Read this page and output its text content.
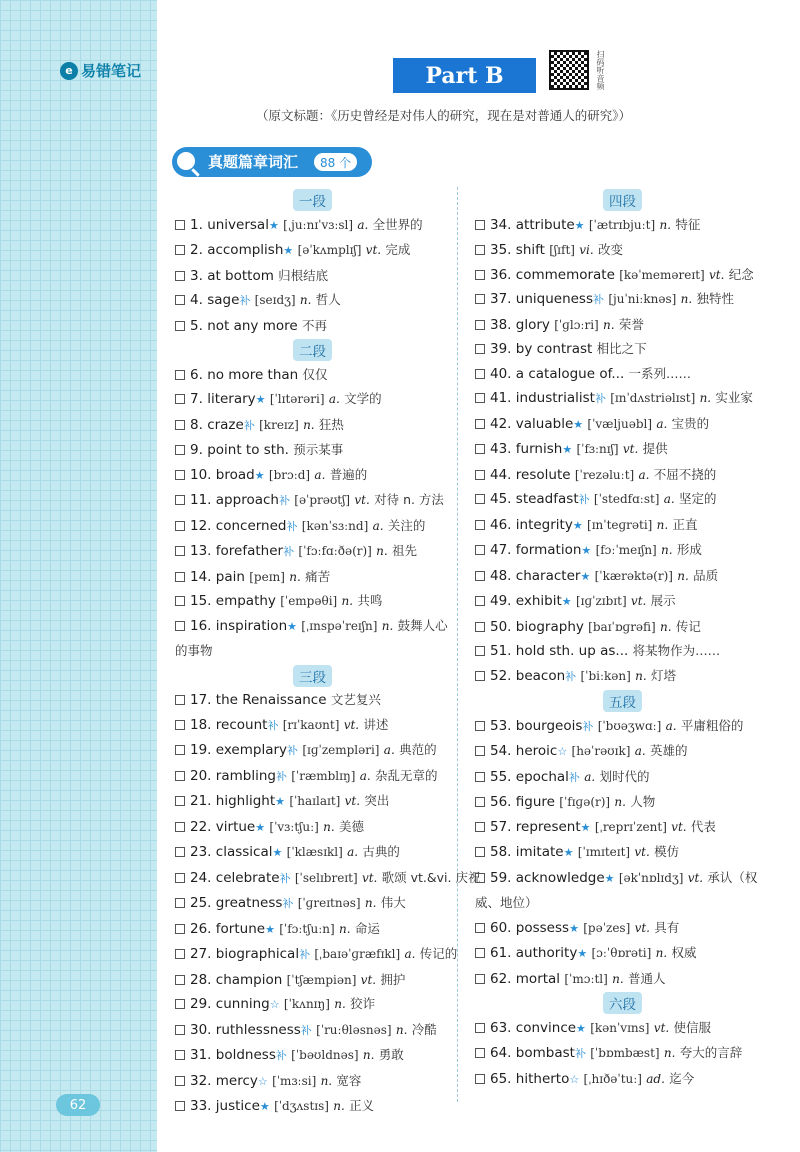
e 易错笔记
62
Part B	扫码听音频
（原文标题：《历史曾经是对伟人的研究，现在是对普通人的研究》）
真题篇章词汇	88 个
一段
1. universal★ [ˌjuːnɪˈvɜːsl] a. 全世界的
2. accomplish★ [əˈkʌmplɪʃ] vt. 完成
3. at bottom 归根结底
4. sage补 [seɪdʒ] n. 哲人
5. not any more 不再
二段
6. no more than 仅仅
7. literary★ [ˈlɪtərəri] a. 文学的
8. craze补 [kreɪz] n. 狂热
9. point to sth. 预示某事
10. broad★ [brɔːd] a. 普遍的
11. approach补 [əˈprəʊtʃ] vt. 对待 n. 方法
12. concerned补 [kənˈsɜːnd] a. 关注的
13. forefather补 [ˈfɔːfɑːðə(r)] n. 祖先
14. pain [peɪn] n. 痛苦
15. empathy [ˈempəθi] n. 共鸣
16. inspiration★ [ˌɪnspəˈreɪʃn] n. 鼓舞人心的事物
三段
17. the Renaissance 文艺复兴
18. recount补 [rɪˈkaʊnt] vt. 讲述
19. exemplary补 [ɪɡˈzempləri] a. 典范的
20. rambling补 [ˈræmblɪŋ] a. 杂乱无章的
21. highlight★ [ˈhaɪlaɪt] vt. 突出
22. virtue★ [ˈvɜːtʃuː] n. 美德
23. classical★ [ˈklæsɪkl] a. 古典的
24. celebrate补 [ˈselɪbreɪt] vt. 歌颂 vt.&vi. 庆祝
25. greatness补 [ˈɡreɪtnəs] n. 伟大
26. fortune★ [ˈfɔːtʃuːn] n. 命运
27. biographical补 [ˌbaɪəˈɡræfɪkl] a. 传记的
28. champion [ˈtʃæmpiən] vt. 拥护
29. cunning☆ [ˈkʌnɪŋ] n. 狡诈
30. ruthlessness补 [ˈruːθləsnəs] n. 冷酷
31. boldness补 [ˈbəʊldnəs] n. 勇敢
32. mercy☆ [ˈmɜːsi] n. 宽容
33. justice★ [ˈdʒʌstɪs] n. 正义
四段
34. attribute★ [ˈætrɪbjuːt] n. 特征
35. shift [ʃɪft] vi. 改变
36. commemorate [kəˈmeməreɪt] vt. 纪念
37. uniqueness补 [juˈniːknəs] n. 独特性
38. glory [ˈɡlɔːri] n. 荣誉
39. by contrast 相比之下
40. a catalogue of... 一系列……
41. industrialist补 [ɪnˈdʌstriəlɪst] n. 实业家
42. valuable★ [ˈvæljuəbl] a. 宝贵的
43. furnish★ [ˈfɜːnɪʃ] vt. 提供
44. resolute [ˈrezəluːt] a. 不屈不挠的
45. steadfast补 [ˈstedfɑːst] a. 坚定的
46. integrity★ [ɪnˈteɡrəti] n. 正直
47. formation★ [fɔːˈmeɪʃn] n. 形成
48. character★ [ˈkærəktə(r)] n. 品质
49. exhibit★ [ɪɡˈzɪbɪt] vt. 展示
50. biography [baɪˈɒɡrəfi] n. 传记
51. hold sth. up as... 将某物作为……
52. beacon补 [ˈbiːkən] n. 灯塔
五段
53. bourgeois补 [ˈbʊəʒwɑː] a. 平庸粗俗的
54. heroic☆ [həˈrəʊɪk] a. 英雄的
55. epochal补 a. 划时代的
56. figure [ˈfɪɡə(r)] n. 人物
57. represent★ [ˌreprɪˈzent] vt. 代表
58. imitate★ [ˈɪmɪteɪt] vt. 模仿
59. acknowledge★ [əkˈnɒlɪdʒ] vt. 承认（权威、地位）
60. possess★ [pəˈzes] vt. 具有
61. authority★ [ɔːˈθɒrəti] n. 权威
62. mortal [ˈmɔːtl] n. 普通人
六段
63. convince★ [kənˈvɪns] vt. 使信服
64. bombast补 [ˈbɒmbæst] n. 夸大的言辞
65. hitherto☆ [ˌhɪðəˈtuː] ad. 迄今
